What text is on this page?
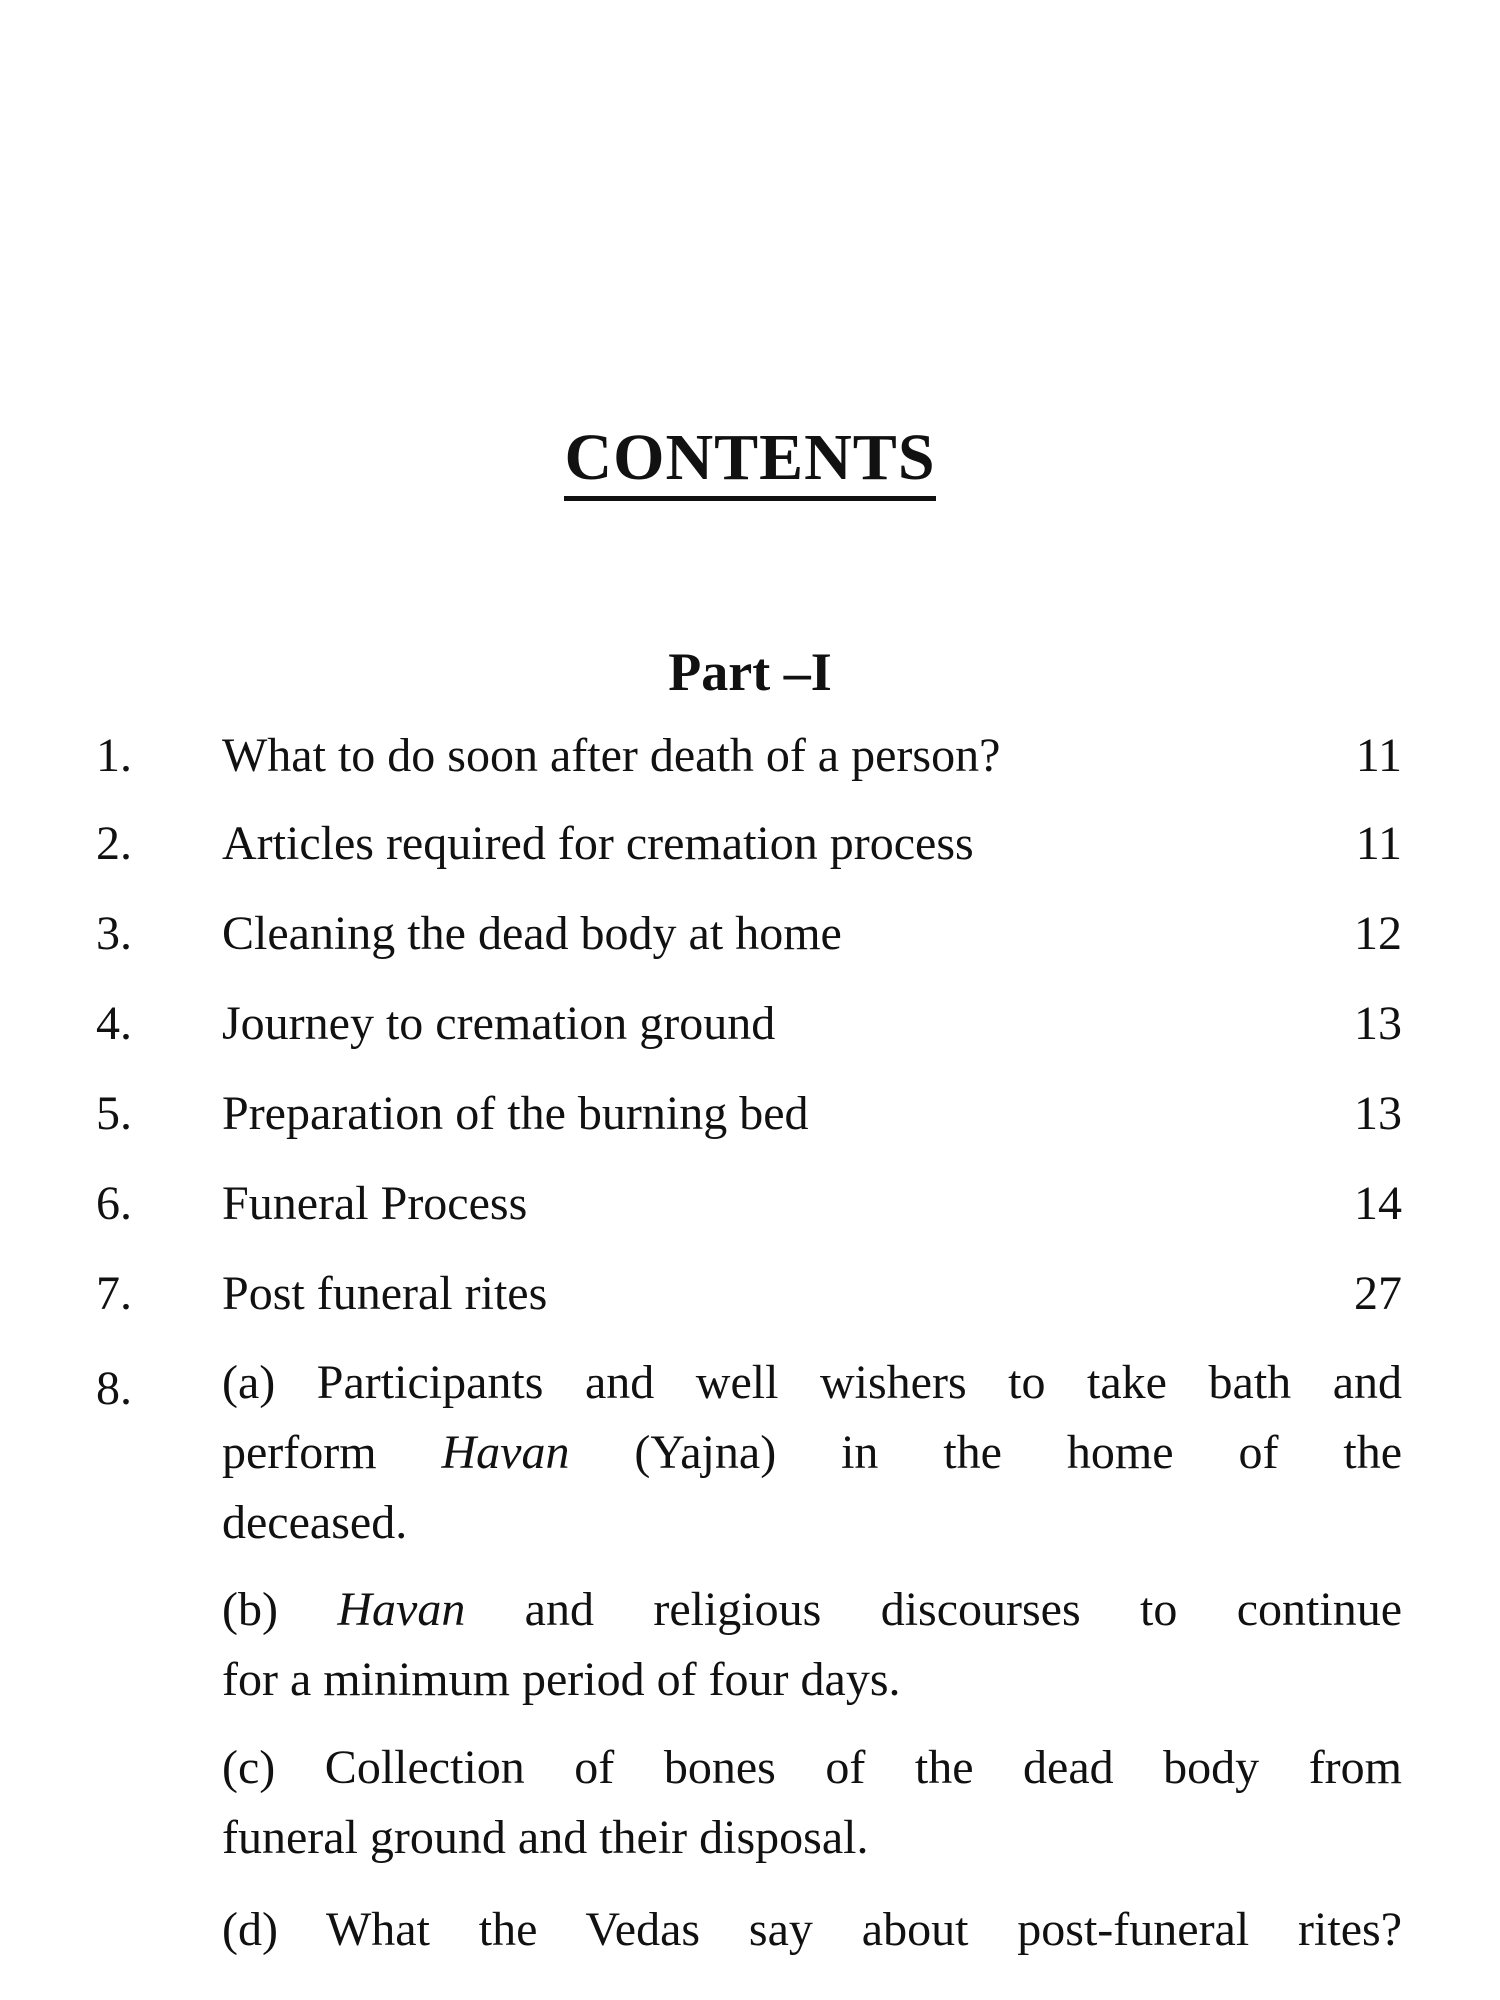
CONTENTS
Part –I
1. What to do soon after death of a person?	11
2. Articles required for cremation process	11
3. Cleaning the dead body at home	12
4. Journey to cremation ground	13
5. Preparation of the burning bed	13
6. Funeral Process	14
7. Post funeral rites	27
8. (a) Participants and well wishers to take bath and
perform Havan (Yajna) in the home of the
deceased.
(b) Havan and religious discourses to continue
for a minimum period of four days.
(c) Collection of bones of the dead body from
funeral ground and their disposal.
(d) What the Vedas say about post-funeral rites?
